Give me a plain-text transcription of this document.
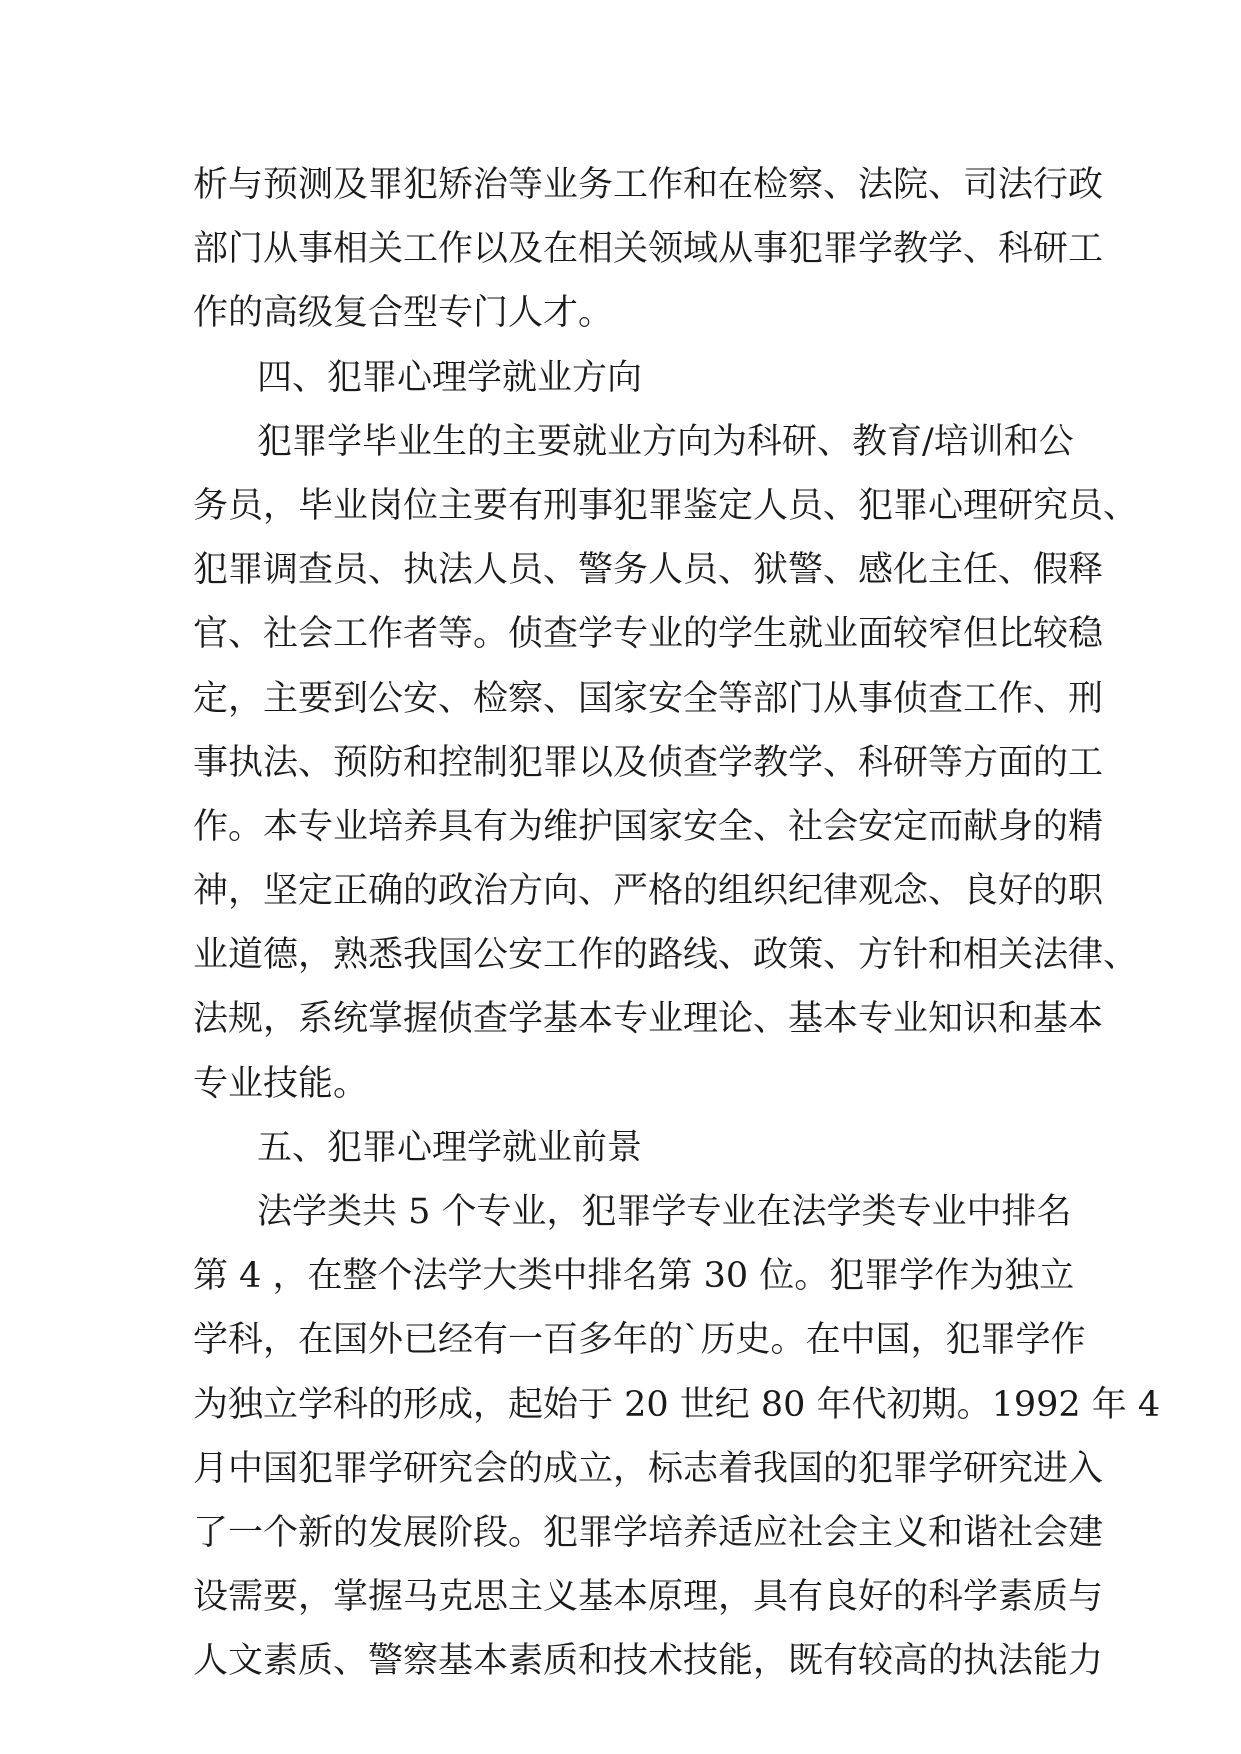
析与预测及罪犯矫治等业务工作和在检察、法院、司法行政
部门从事相关工作以及在相关领域从事犯罪学教学、科研工
作的高级复合型专门人才。
四、犯罪心理学就业方向
犯罪学毕业生的主要就业方向为科研、教育/培训和公
务员，毕业岗位主要有刑事犯罪鉴定人员、犯罪心理研究员、
犯罪调查员、执法人员、警务人员、狱警、感化主任、假释
官、社会工作者等。侦查学专业的学生就业面较窄但比较稳
定，主要到公安、检察、国家安全等部门从事侦查工作、刑
事执法、预防和控制犯罪以及侦查学教学、科研等方面的工
作。本专业培养具有为维护国家安全、社会安定而献身的精
神，坚定正确的政治方向、严格的组织纪律观念、良好的职
业道德，熟悉我国公安工作的路线、政策、方针和相关法律、
法规，系统掌握侦查学基本专业理论、基本专业知识和基本
专业技能。
五、犯罪心理学就业前景
法学类共 5 个专业，犯罪学专业在法学类专业中排名
第 4 ，在整个法学大类中排名第 30 位。犯罪学作为独立
学科，在国外已经有一百多年的`历史。在中国，犯罪学作
为独立学科的形成，起始于 20 世纪 80 年代初期。1992 年 4
月中国犯罪学研究会的成立，标志着我国的犯罪学研究进入
了一个新的发展阶段。犯罪学培养适应社会主义和谐社会建
设需要，掌握马克思主义基本原理，具有良好的科学素质与
人文素质、警察基本素质和技术技能，既有较高的执法能力
